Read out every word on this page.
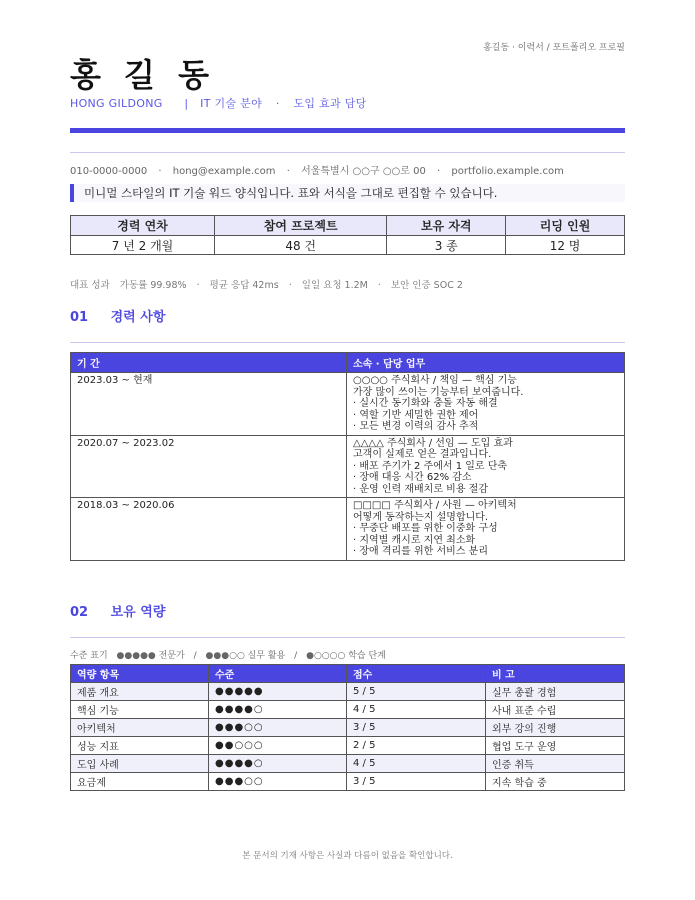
홍길동 · 이력서 / 포트폴리오 프로필
홍 길 동
HONG GILDONG | IT 기술 분야 · 도입 효과 담당
010-0000-0000 · hong@example.com · 서울특별시 ○○구 ○○로 00 · portfolio.example.com
미니멀 스타일의 IT 기술 워드 양식입니다. 표와 서식을 그대로 편집할 수 있습니다.
경력 연차	참여 프로젝트	보유 자격	리딩 인원
7 년 2 개월	48 건	3 종	12 명
대표 성과 가동률 99.98% · 평균 응답 42ms · 일일 요청 1.2M · 보안 인증 SOC 2
01 경력 사항
기 간	소속 · 담당 업무
2023.03 ~ 현재	○○○○ 주식회사 / 책임 — 핵심 기능
가장 많이 쓰이는 기능부터 보여줍니다.
· 실시간 동기화와 충돌 자동 해결
· 역할 기반 세밀한 권한 제어
· 모든 변경 이력의 감사 추적

2020.07 ~ 2023.02	△△△△ 주식회사 / 선임 — 도입 효과
고객이 실제로 얻은 결과입니다.
· 배포 주기가 2 주에서 1 일로 단축
· 장애 대응 시간 62% 감소
· 운영 인력 재배치로 비용 절감

2018.03 ~ 2020.06	□□□□ 주식회사 / 사원 — 아키텍처
어떻게 동작하는지 설명합니다.
· 무중단 배포를 위한 이중화 구성
· 지역별 캐시로 지연 최소화
· 장애 격리를 위한 서비스 분리
02 보유 역량
수준 표기 ●●●●● 전문가 / ●●●○○ 실무 활용 / ●○○○○ 학습 단계
역량 항목	수준	점수	비 고
제품 개요	●●●●●	5 / 5	실무 총괄 경험
핵심 기능	●●●●○	4 / 5	사내 표준 수립
아키텍처	●●●○○	3 / 5	외부 강의 진행
성능 지표	●●○○○	2 / 5	협업 도구 운영
도입 사례	●●●●○	4 / 5	인증 취득
요금제	●●●○○	3 / 5	지속 학습 중
본 문서의 기재 사항은 사실과 다름이 없음을 확인합니다.
